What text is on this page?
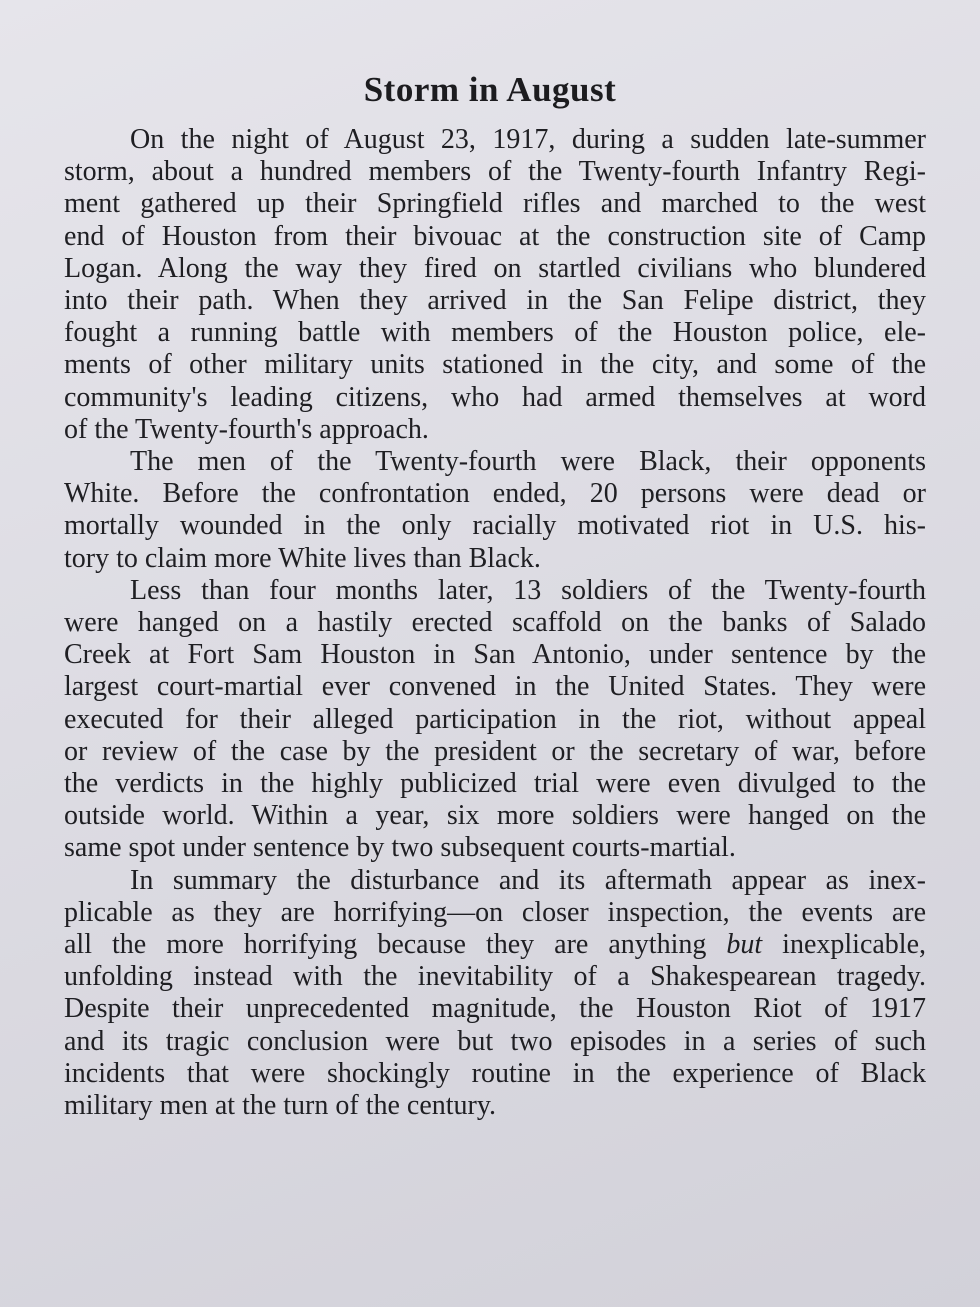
Storm in August
On the night of August 23, 1917, during a sudden late-summer
storm, about a hundred members of the Twenty-fourth Infantry Regi-
ment gathered up their Springfield rifles and marched to the west
end of Houston from their bivouac at the construction site of Camp
Logan. Along the way they fired on startled civilians who blundered
into their path. When they arrived in the San Felipe district, they
fought a running battle with members of the Houston police, ele-
ments of other military units stationed in the city, and some of the
community's leading citizens, who had armed themselves at word
of the Twenty-fourth's approach.
The men of the Twenty-fourth were Black, their opponents
White. Before the confrontation ended, 20 persons were dead or
mortally wounded in the only racially motivated riot in U.S. his-
tory to claim more White lives than Black.
Less than four months later, 13 soldiers of the Twenty-fourth
were hanged on a hastily erected scaffold on the banks of Salado
Creek at Fort Sam Houston in San Antonio, under sentence by the
largest court-martial ever convened in the United States. They were
executed for their alleged participation in the riot, without appeal
or review of the case by the president or the secretary of war, before
the verdicts in the highly publicized trial were even divulged to the
outside world. Within a year, six more soldiers were hanged on the
same spot under sentence by two subsequent courts-martial.
In summary the disturbance and its aftermath appear as inex-
plicable as they are horrifying—on closer inspection, the events are
all the more horrifying because they are anything but inexplicable,
unfolding instead with the inevitability of a Shakespearean tragedy.
Despite their unprecedented magnitude, the Houston Riot of 1917
and its tragic conclusion were but two episodes in a series of such
incidents that were shockingly routine in the experience of Black
military men at the turn of the century.
